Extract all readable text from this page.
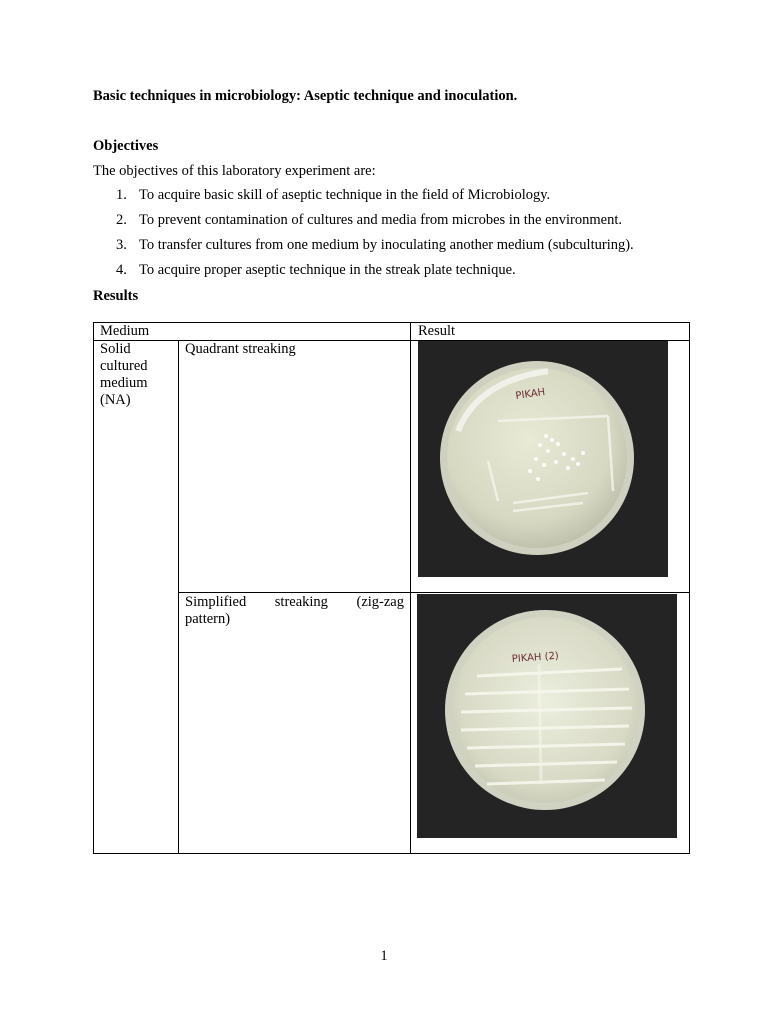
Basic techniques in microbiology: Aseptic technique and inoculation.
Objectives
The objectives of this laboratory experiment are:
1. To acquire basic skill of aseptic technique in the field of Microbiology.
2. To prevent contamination of cultures and media from microbes in the environment.
3. To transfer cultures from one medium by inoculating another medium (subculturing).
4. To acquire proper aseptic technique in the streak plate technique.
Results
Medium	Result
Solid
cultured
medium
(NA)
Quadrant streaking
Simplified streaking (zig-zag
pattern)
PIKAH
PIKAH (2)
1
